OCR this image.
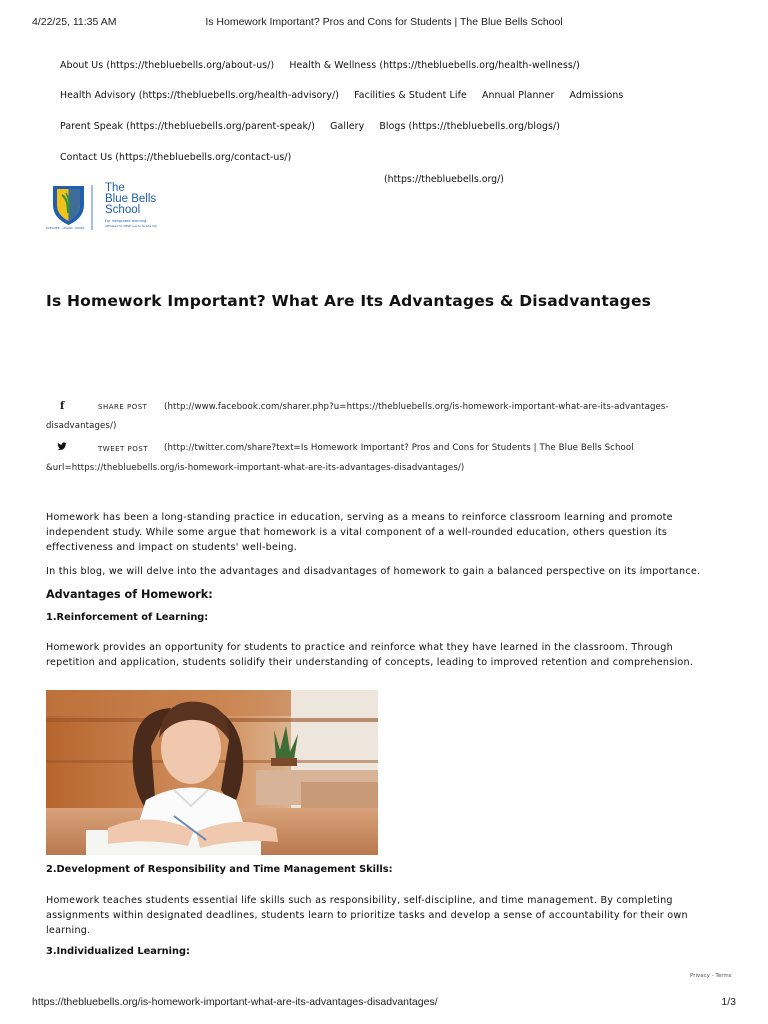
4/22/25, 11:35 AM	Is Homework Important? Pros and Cons for Students | The Blue Bells School
About Us (https://thebluebells.org/about-us/) Health & Wellness (https://thebluebells.org/health-wellness/)
Health Advisory (https://thebluebells.org/health-advisory/) Facilities & Student Life Annual Planner Admissions
Parent Speak (https://thebluebells.org/parent-speak/) Gallery Blogs (https://thebluebells.org/blogs/)
Contact Us (https://thebluebells.org/contact-us/)
The
Blue Bells
School
For integrated learning
Affiliated to CBSE (up to Grade XII)
EXPLORE · LEARN · EXCEL
(https://thebluebells.org/)
Is Homework Important? What Are Its Advantages & Disadvantages
f	SHARE POST (http://www.facebook.com/sharer.php?u=https://thebluebells.org/is-homework-important-what-are-its-advantages-
disadvantages/)
TWEET POST (http://twitter.com/share?text=Is Homework Important? Pros and Cons for Students | The Blue Bells School
&url=https://thebluebells.org/is-homework-important-what-are-its-advantages-disadvantages/)

Homework has been a long-standing practice in education, serving as a means to reinforce classroom learning and promote independent study. While some argue that homework is a vital component of a well-rounded education, others question its effectiveness and impact on students' well-being.

In this blog, we will delve into the advantages and disadvantages of homework to gain a balanced perspective on its importance.

Advantages of Homework:
1.Reinforcement of Learning:

Homework provides an opportunity for students to practice and reinforce what they have learned in the classroom. Through repetition and application, students solidify their understanding of concepts, leading to improved retention and comprehension.

2.Development of Responsibility and Time Management Skills:

Homework teaches students essential life skills such as responsibility, self-discipline, and time management. By completing assignments within designated deadlines, students learn to prioritize tasks and develop a sense of accountability for their own learning.

3.Individualized Learning:
Privacy - Terms
https://thebluebells.org/is-homework-important-what-are-its-advantages-disadvantages/	1/3
